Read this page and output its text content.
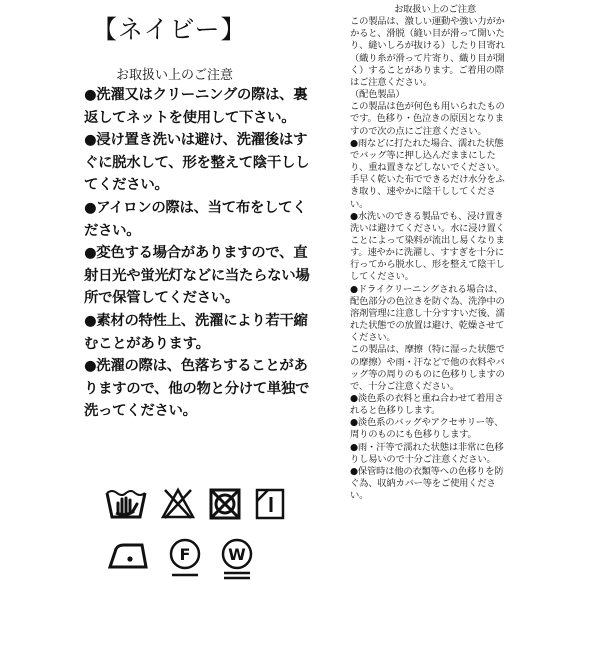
【ネイビー】
お取扱い上のご注意

●洗濯又はクリーニングの際は、裏返してネットを使用して下さい。

●浸け置き洗いは避け、洗濯後はすぐに脱水して、形を整えて陰干ししてください。

●アイロンの際は、当て布をしてください。

●変色する場合がありますので、直射日光や蛍光灯などに当たらない場所で保管してください。

●素材の特性上、洗濯により若干縮むことがあります。

●洗濯の際は、色落ちすることがありますので、他の物と分けて単独で洗ってください。

F W

お取扱い上のご注意

この製品は、激しい運動や強い力がかかると、滑脱（縫い目が滑って開いたり、縫いしろが抜ける）したり目寄れ（織り糸が滑って片寄り、織り目が開く）することがあります。ご着用の際はご注意ください。

（配色製品）

この製品は色が何色も用いられたものです。色移り・色泣きの原因となりますので次の点にご注意ください。

●雨などに打たれた場合、濡れた状態でバッグ等に押し込んだままにしたり、重ね置きなどしないでください。手早く乾いた布でできるだけ水分をふき取り、速やかに陰干ししてください。

●水洗いのできる製品でも、浸け置き洗いは避けてください。水に浸け置くことによって染料が流出し易くなります。速やかに洗濯し、すすぎを十分に行ってから脱水し、形を整えて陰干ししてください。

●ドライクリーニングされる場合は、配色部分の色泣きを防ぐ為、洗浄中の溶剤管理に注意し十分すすいだ後、濡れた状態での放置は避け、乾燥させてください。

この製品は、摩擦（特に湿った状態での摩擦）や雨・汗などで他の衣料やバッグ等の周りのものに色移りしますので、十分ご注意ください。

●淡色系の衣料と重ね合わせて着用されると色移りします。

●淡色系のバッグやアクセサリー等、周りのものにも色移りします。

●雨・汗等で濡れた状態は非常に色移りし易いので十分ご注意ください。

●保管時は他の衣類等への色移りを防ぐ為、収納カバー等をご使用ください。
